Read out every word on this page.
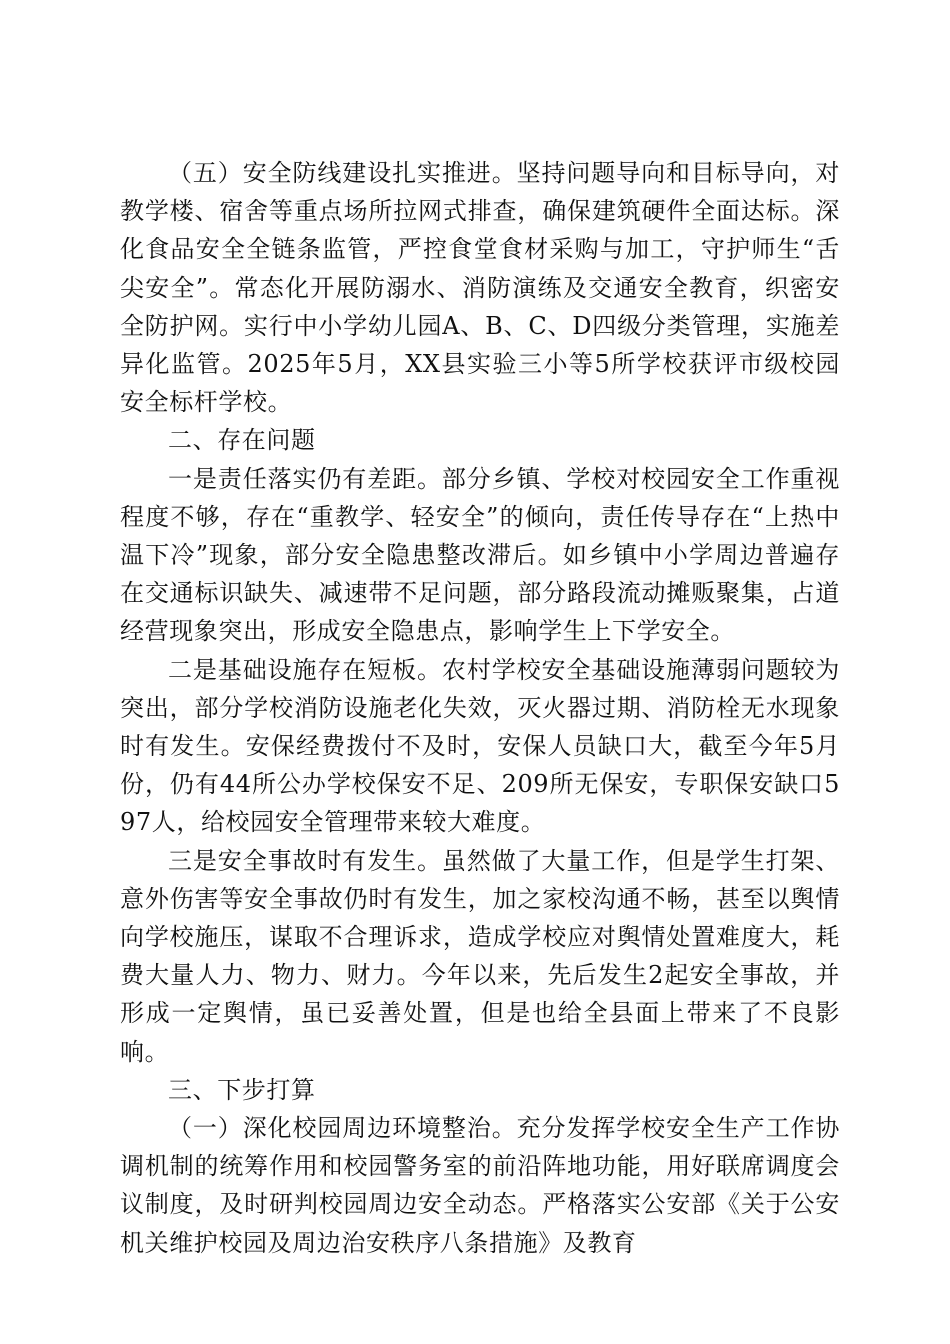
（五）安全防线建设扎实推进。坚持问题导向和目标导向，对教学楼、宿舍等重点场所拉网式排查，确保建筑硬件全面达标。深化食品安全全链条监管，严控食堂食材采购与加工，守护师生“舌尖安全”。常态化开展防溺水、消防演练及交通安全教育，织密安全防护网。实行中小学幼儿园A、B、C、D四级分类管理，实施差异化监管。2025年5月，XX县实验三小等5所学校获评市级校园安全标杆学校。

二、存在问题

一是责任落实仍有差距。部分乡镇、学校对校园安全工作重视程度不够，存在“重教学、轻安全”的倾向，责任传导存在“上热中温下冷”现象，部分安全隐患整改滞后。如乡镇中小学周边普遍存在交通标识缺失、减速带不足问题，部分路段流动摊贩聚集，占道经营现象突出，形成安全隐患点，影响学生上下学安全。

二是基础设施存在短板。农村学校安全基础设施薄弱问题较为突出，部分学校消防设施老化失效，灭火器过期、消防栓无水现象时有发生。安保经费拨付不及时，安保人员缺口大，截至今年5月份，仍有44所公办学校保安不足、209所无保安，专职保安缺口597人，给校园安全管理带来较大难度。

三是安全事故时有发生。虽然做了大量工作，但是学生打架、意外伤害等安全事故仍时有发生，加之家校沟通不畅，甚至以舆情向学校施压，谋取不合理诉求，造成学校应对舆情处置难度大，耗费大量人力、物力、财力。今年以来，先后发生2起安全事故，并形成一定舆情，虽已妥善处置，但是也给全县面上带来了不良影响。

三、下步打算

（一）深化校园周边环境整治。充分发挥学校安全生产工作协调机制的统筹作用和校园警务室的前沿阵地功能，用好联席调度会议制度，及时研判校园周边安全动态。严格落实公安部《关于公安机关维护校园及周边治安秩序八条措施》及教育
